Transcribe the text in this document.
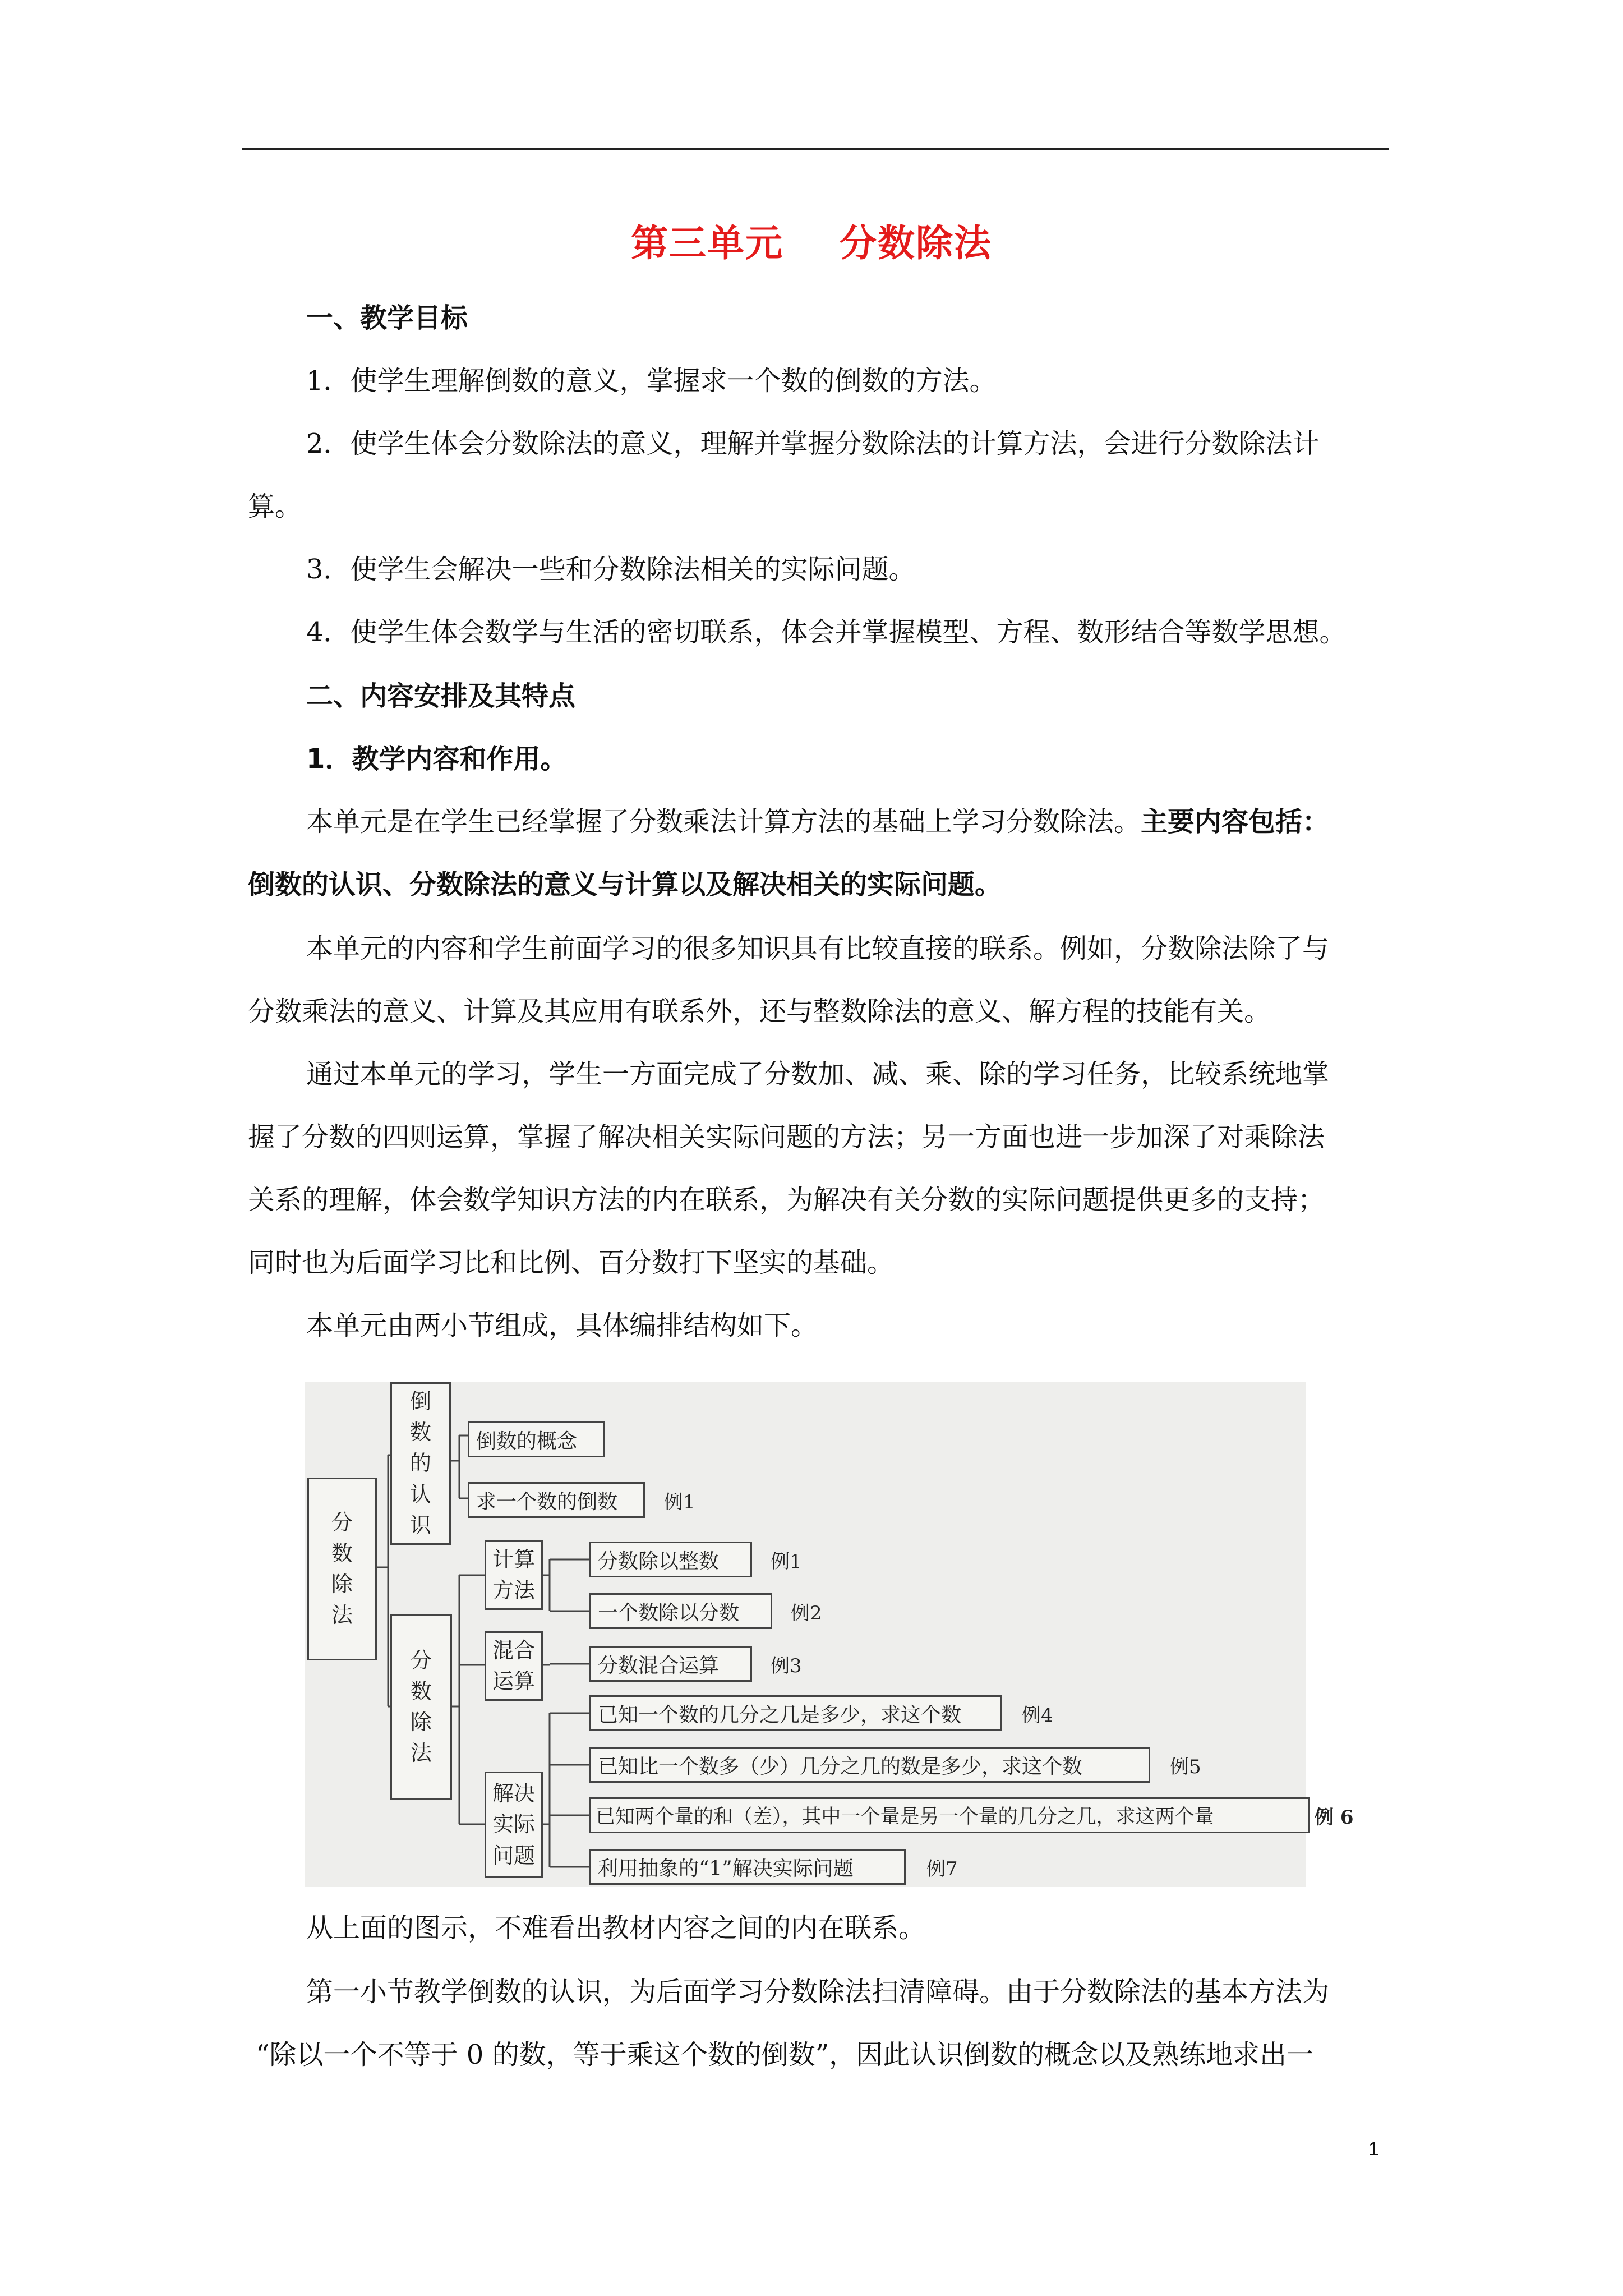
第三单元    分数除法
一、教学目标
1．使学生理解倒数的意义，掌握求一个数的倒数的方法。
2．使学生体会分数除法的意义，理解并掌握分数除法的计算方法，会进行分数除法计
算。
3．使学生会解决一些和分数除法相关的实际问题。
4．使学生体会数学与生活的密切联系，体会并掌握模型、方程、数形结合等数学思想。
二、内容安排及其特点
1．教学内容和作用。
本单元是在学生已经掌握了分数乘法计算方法的基础上学习分数除法。主要内容包括：
倒数的认识、分数除法的意义与计算以及解决相关的实际问题。
本单元的内容和学生前面学习的很多知识具有比较直接的联系。例如，分数除法除了与
分数乘法的意义、计算及其应用有联系外，还与整数除法的意义、解方程的技能有关。
通过本单元的学习，学生一方面完成了分数加、减、乘、除的学习任务，比较系统地掌
握了分数的四则运算，掌握了解决相关实际问题的方法；另一方面也进一步加深了对乘除法
关系的理解，体会数学知识方法的内在联系，为解决有关分数的实际问题提供更多的支持；
同时也为后面学习比和比例、百分数打下坚实的基础。
本单元由两小节组成，具体编排结构如下。
分
数
除
法
倒
数
的
认
识
分
数
除
法
倒数的概念
求一个数的倒数 例1
计算
方法
混合
运算
解决
实际
问题
分数除以整数	例1
一个数除以分数	例2
分数混合运算	例3
已知一个数的几分之几是多少，求这个数	例4
已知比一个数多（少）几分之几的数是多少，求这个数	例5
已知两个量的和（差），其中一个量是另一个量的几分之几，求这两个量	例 6
利用抽象的“1”解决实际问题	例7
从上面的图示，不难看出教材内容之间的内在联系。
第一小节教学倒数的认识，为后面学习分数除法扫清障碍。由于分数除法的基本方法为
“除以一个不等于 0 的数，等于乘这个数的倒数”，因此认识倒数的概念以及熟练地求出一
1
